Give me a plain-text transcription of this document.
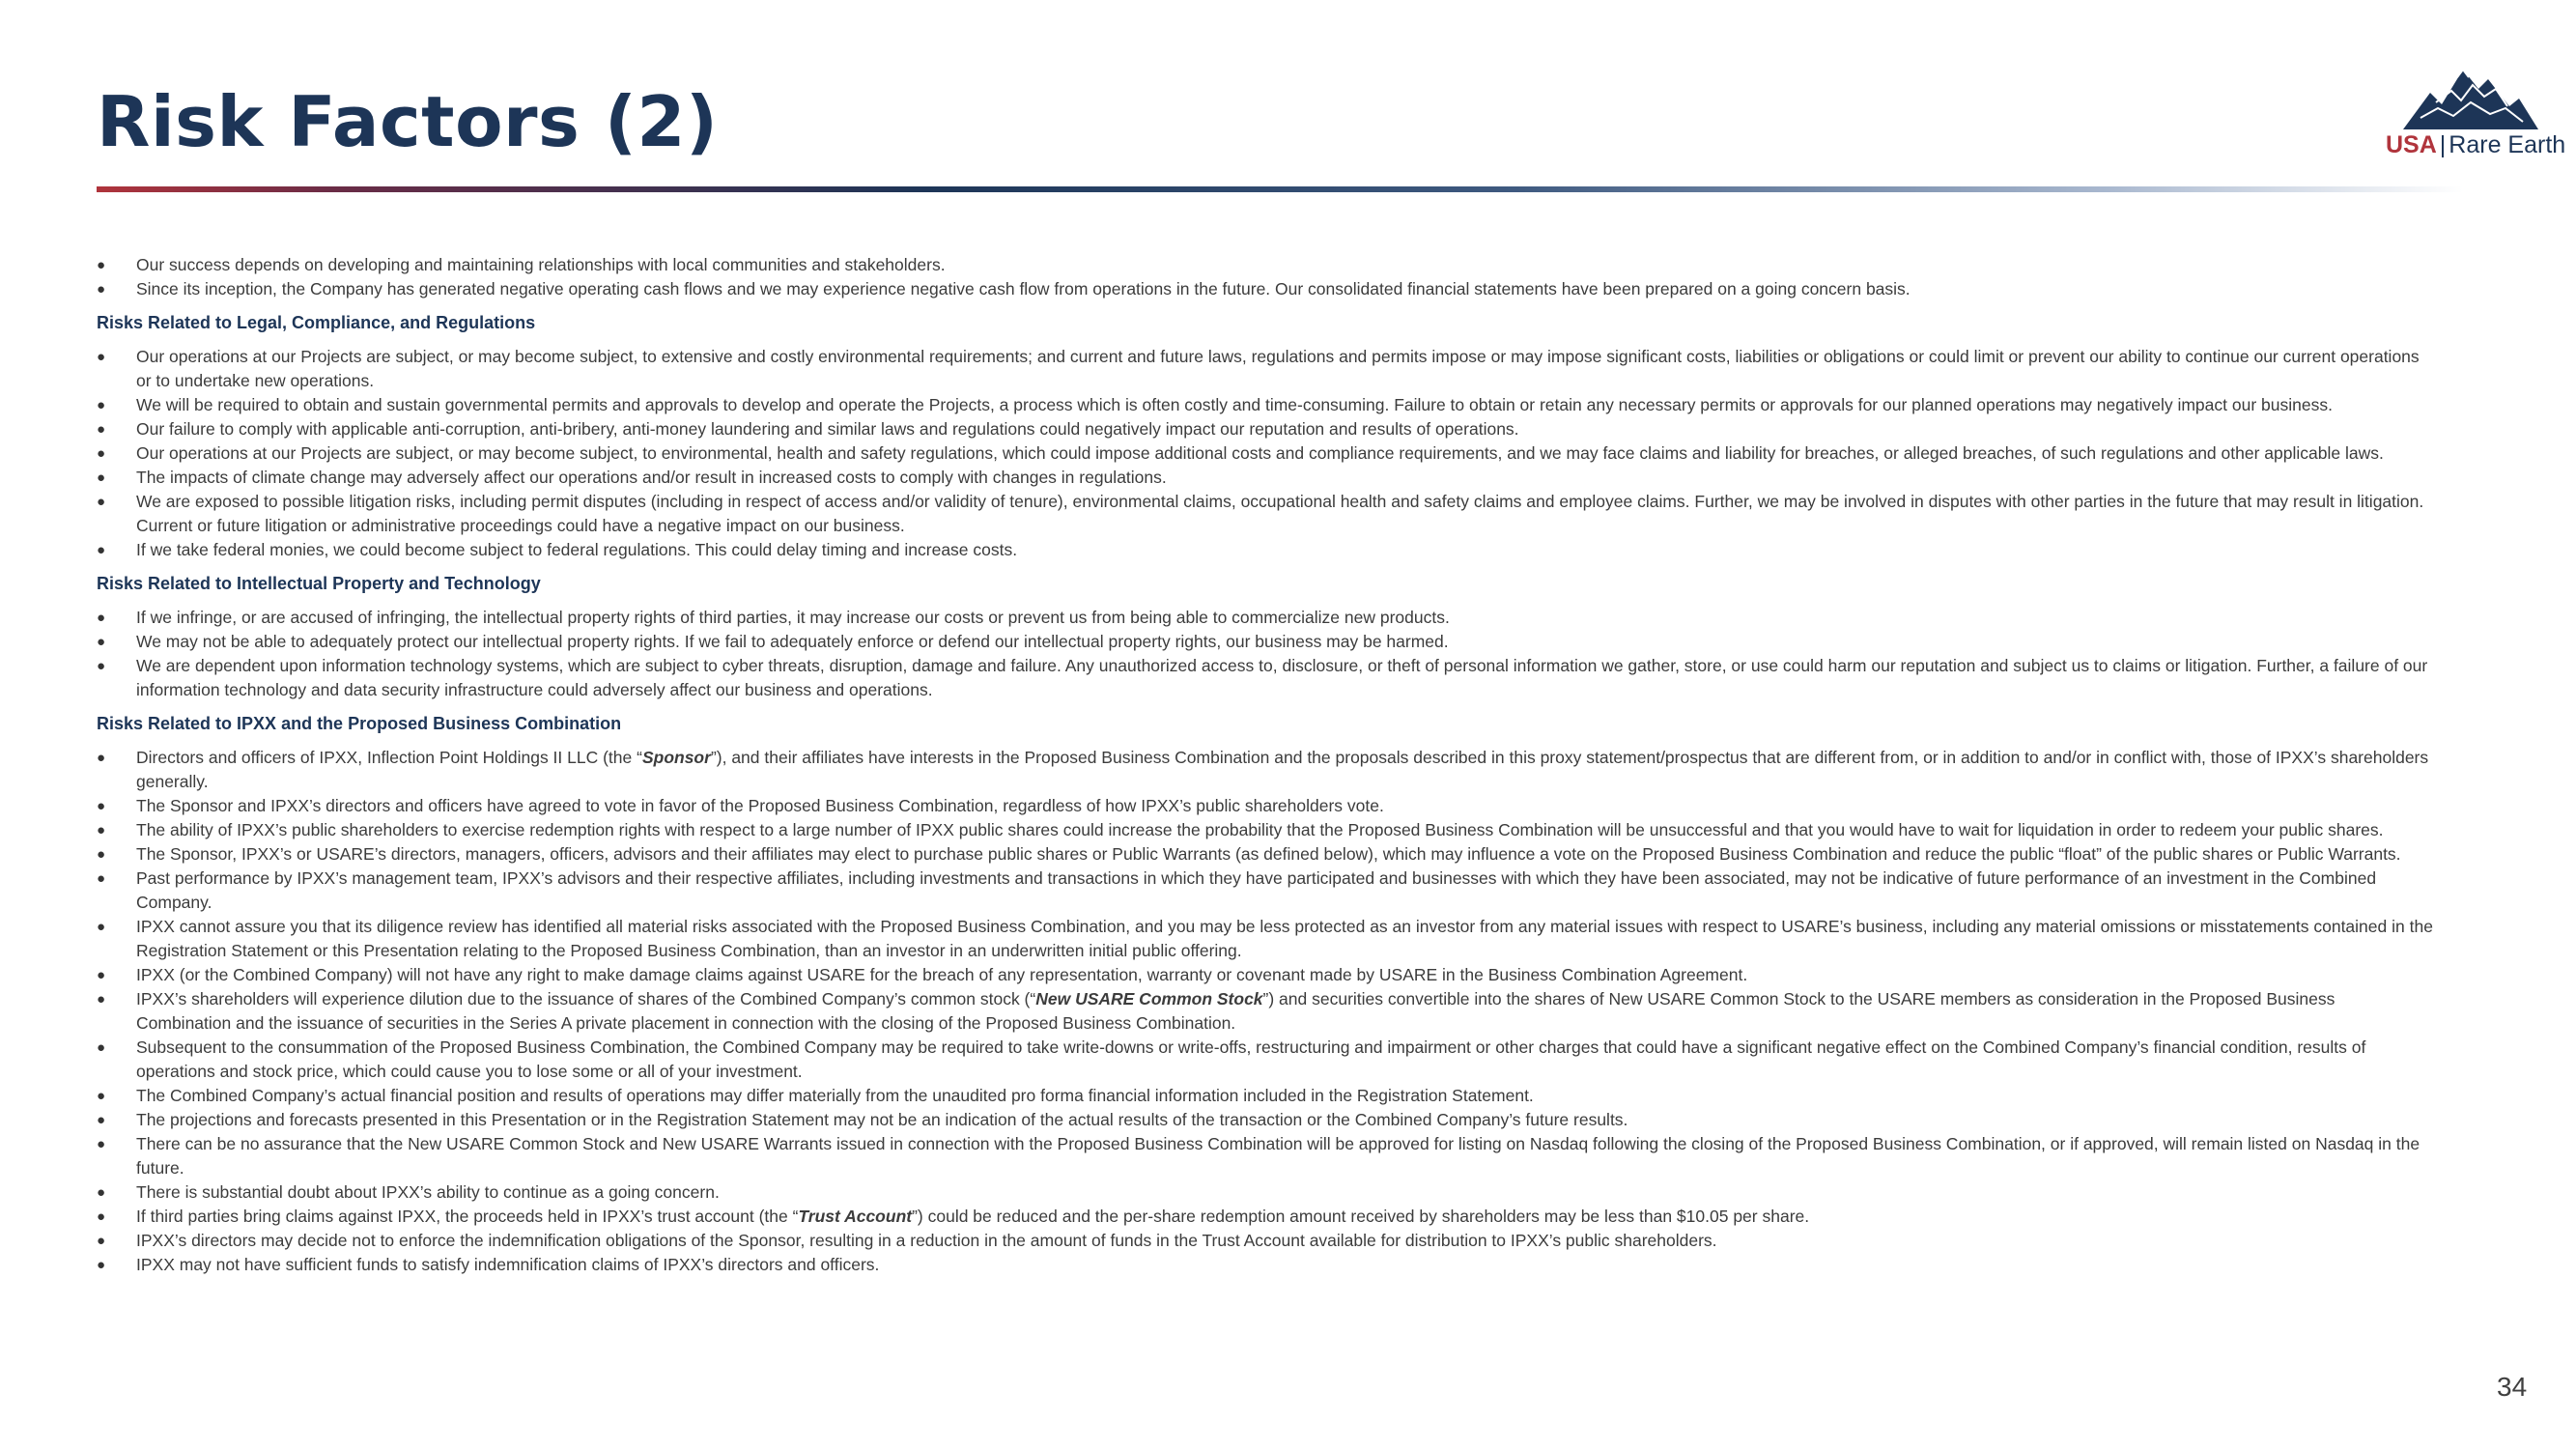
Risk Factors (2)	USA | Rare Earth
● Our success depends on developing and maintaining relationships with local communities and stakeholders.
● Since its inception, the Company has generated negative operating cash flows and we may experience negative cash flow from operations in the future. Our consolidated financial statements have been prepared on a going concern basis.
Risks Related to Legal, Compliance, and Regulations
● Our operations at our Projects are subject, or may become subject, to extensive and costly environmental requirements; and current and future laws, regulations and permits impose or may impose significant costs, liabilities or obligations or could limit or prevent our ability to continue our current operations or to undertake new operations.
● We will be required to obtain and sustain governmental permits and approvals to develop and operate the Projects, a process which is often costly and time-consuming. Failure to obtain or retain any necessary permits or approvals for our planned operations may negatively impact our business.
● Our failure to comply with applicable anti-corruption, anti-bribery, anti-money laundering and similar laws and regulations could negatively impact our reputation and results of operations.
● Our operations at our Projects are subject, or may become subject, to environmental, health and safety regulations, which could impose additional costs and compliance requirements, and we may face claims and liability for breaches, or alleged breaches, of such regulations and other applicable laws.
● The impacts of climate change may adversely affect our operations and/or result in increased costs to comply with changes in regulations.
● We are exposed to possible litigation risks, including permit disputes (including in respect of access and/or validity of tenure), environmental claims, occupational health and safety claims and employee claims. Further, we may be involved in disputes with other parties in the future that may result in litigation. Current or future litigation or administrative proceedings could have a negative impact on our business.
● If we take federal monies, we could become subject to federal regulations. This could delay timing and increase costs.
Risks Related to Intellectual Property and Technology
● If we infringe, or are accused of infringing, the intellectual property rights of third parties, it may increase our costs or prevent us from being able to commercialize new products.
● We may not be able to adequately protect our intellectual property rights. If we fail to adequately enforce or defend our intellectual property rights, our business may be harmed.
● We are dependent upon information technology systems, which are subject to cyber threats, disruption, damage and failure. Any unauthorized access to, disclosure, or theft of personal information we gather, store, or use could harm our reputation and subject us to claims or litigation. Further, a failure of our information technology and data security infrastructure could adversely affect our business and operations.
Risks Related to IPXX and the Proposed Business Combination
● Directors and officers of IPXX, Inflection Point Holdings II LLC (the “Sponsor”), and their affiliates have interests in the Proposed Business Combination and the proposals described in this proxy statement/prospectus that are different from, or in addition to and/or in conflict with, those of IPXX’s shareholders generally.
● The Sponsor and IPXX’s directors and officers have agreed to vote in favor of the Proposed Business Combination, regardless of how IPXX’s public shareholders vote.
● The ability of IPXX’s public shareholders to exercise redemption rights with respect to a large number of IPXX public shares could increase the probability that the Proposed Business Combination will be unsuccessful and that you would have to wait for liquidation in order to redeem your public shares.
● The Sponsor, IPXX’s or USARE’s directors, managers, officers, advisors and their affiliates may elect to purchase public shares or Public Warrants (as defined below), which may influence a vote on the Proposed Business Combination and reduce the public “float” of the public shares or Public Warrants.
● Past performance by IPXX’s management team, IPXX’s advisors and their respective affiliates, including investments and transactions in which they have participated and businesses with which they have been associated, may not be indicative of future performance of an investment in the Combined Company.
● IPXX cannot assure you that its diligence review has identified all material risks associated with the Proposed Business Combination, and you may be less protected as an investor from any material issues with respect to USARE’s business, including any material omissions or misstatements contained in the Registration Statement or this Presentation relating to the Proposed Business Combination, than an investor in an underwritten initial public offering.
● IPXX (or the Combined Company) will not have any right to make damage claims against USARE for the breach of any representation, warranty or covenant made by USARE in the Business Combination Agreement.
● IPXX’s shareholders will experience dilution due to the issuance of shares of the Combined Company’s common stock (“New USARE Common Stock”) and securities convertible into the shares of New USARE Common Stock to the USARE members as consideration in the Proposed Business Combination and the issuance of securities in the Series A private placement in connection with the closing of the Proposed Business Combination.
● Subsequent to the consummation of the Proposed Business Combination, the Combined Company may be required to take write-downs or write-offs, restructuring and impairment or other charges that could have a significant negative effect on the Combined Company’s financial condition, results of operations and stock price, which could cause you to lose some or all of your investment.
● The Combined Company’s actual financial position and results of operations may differ materially from the unaudited pro forma financial information included in the Registration Statement.
● The projections and forecasts presented in this Presentation or in the Registration Statement may not be an indication of the actual results of the transaction or the Combined Company’s future results.
● There can be no assurance that the New USARE Common Stock and New USARE Warrants issued in connection with the Proposed Business Combination will be approved for listing on Nasdaq following the closing of the Proposed Business Combination, or if approved, will remain listed on Nasdaq in the future.
● There is substantial doubt about IPXX’s ability to continue as a going concern.
● If third parties bring claims against IPXX, the proceeds held in IPXX’s trust account (the “Trust Account”) could be reduced and the per-share redemption amount received by shareholders may be less than $10.05 per share.
● IPXX’s directors may decide not to enforce the indemnification obligations of the Sponsor, resulting in a reduction in the amount of funds in the Trust Account available for distribution to IPXX’s public shareholders.
● IPXX may not have sufficient funds to satisfy indemnification claims of IPXX’s directors and officers.
34
